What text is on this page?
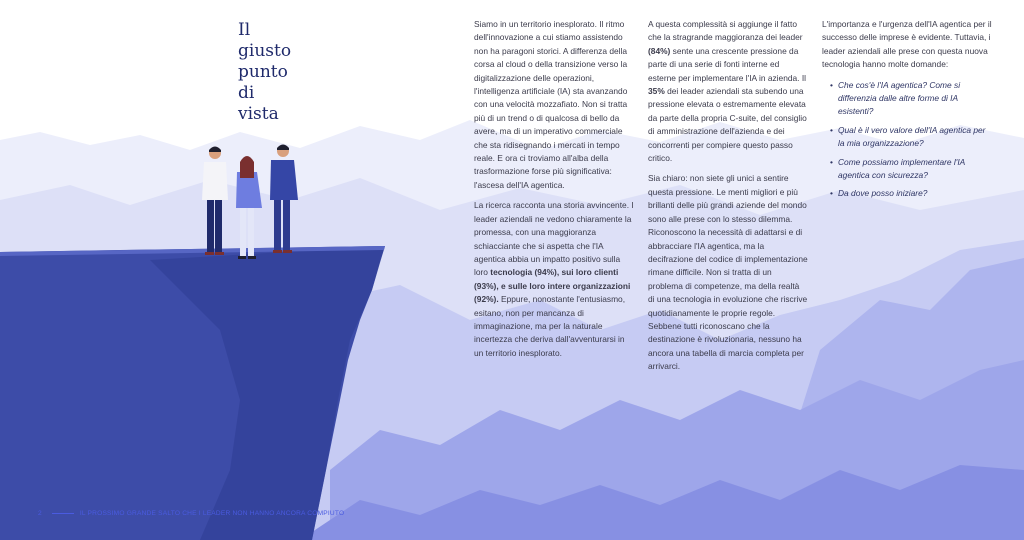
Il
giusto
punto
di
vista

Siamo in un territorio inesplorato. Il ritmo dell'innovazione a cui stiamo assistendo non ha paragoni storici. A differenza della corsa al cloud o della transizione verso la digitalizzazione delle operazioni, l'intelligenza artificiale (IA) sta avanzando con una velocità mozzafiato. Non si tratta più di un trend o di qualcosa di bello da avere, ma di un imperativo commerciale che sta ridisegnando i mercati in tempo reale. E ora ci troviamo all'alba della trasformazione forse più significativa: l'ascesa dell'IA agentica.

La ricerca racconta una storia avvincente. I leader aziendali ne vedono chiaramente la promessa, con una maggioranza schiacciante che si aspetta che l'IA agentica abbia un impatto positivo sulla loro tecnologia (94%), sui loro clienti (93%), e sulle loro intere organizzazioni (92%). Eppure, nonostante l'entusiasmo, esitano, non per mancanza di immaginazione, ma per la naturale incertezza che deriva dall'avventurarsi in un territorio inesplorato.

A questa complessità si aggiunge il fatto che la stragrande maggioranza dei leader (84%) sente una crescente pressione da parte di una serie di fonti interne ed esterne per implementare l'IA in azienda. Il 35% dei leader aziendali sta subendo una pressione elevata o estremamente elevata da parte della propria C-suite, del consiglio di amministrazione dell'azienda e dei concorrenti per compiere questo passo critico.

Sia chiaro: non siete gli unici a sentire questa pressione. Le menti migliori e più brillanti delle più grandi aziende del mondo sono alle prese con lo stesso dilemma. Riconoscono la necessità di adattarsi e di abbracciare l'IA agentica, ma la decifrazione del codice di implementazione rimane difficile. Non si tratta di un problema di competenze, ma della realtà di una tecnologia in evoluzione che riscrive quotidianamente le proprie regole. Sebbene tutti riconoscano che la destinazione è rivoluzionaria, nessuno ha ancora una tabella di marcia completa per arrivarci.

L'importanza e l'urgenza dell'IA agentica per il successo delle imprese è evidente. Tuttavia, i leader aziendali alle prese con questa nuova tecnologia hanno molte domande:

• Che cos'è l'IA agentica? Come si differenzia dalle altre forme di IA esistenti?
• Qual è il vero valore dell'IA agentica per la mia organizzazione?
• Come possiamo implementare l'IA agentica con sicurezza?
• Da dove posso iniziare?
2	IL PROSSIMO GRANDE SALTO CHE I LEADER NON HANNO ANCORA COMPIUTO
